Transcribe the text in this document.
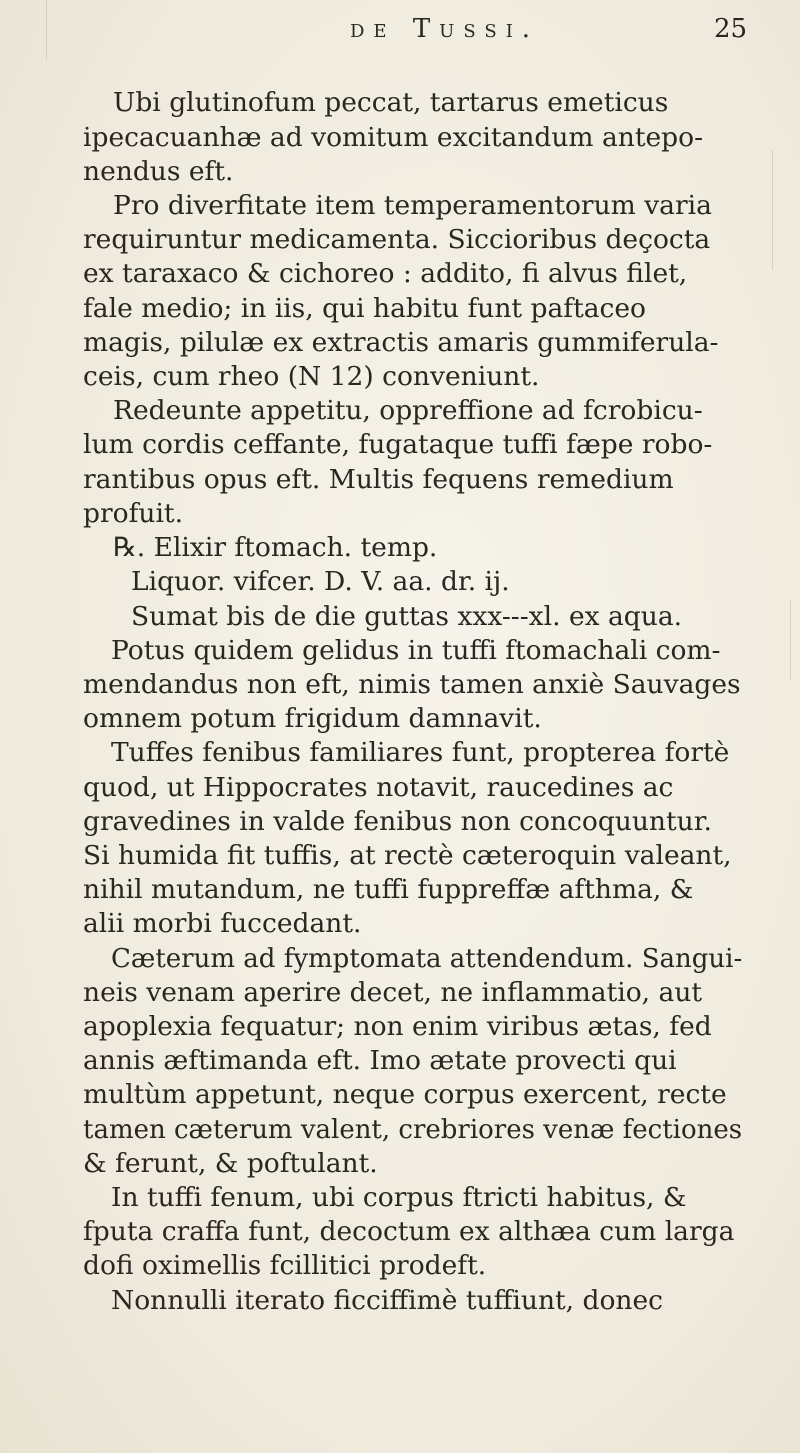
de Tussi.	25
Ubi glutinofum peccat, tartarus emeticus
ipecacuanhæ ad vomitum excitandum antepo-
nendus eft.
Pro diverfitate item temperamentorum varia
requiruntur medicamenta. Siccioribus deçocta
ex taraxaco & cichoreo : addito, fi alvus filet,
fale medio; in iis, qui habitu funt paftaceo
magis, pilulæ ex extractis amaris gummiferula-
ceis, cum rheo (N 12) conveniunt.
Redeunte appetitu, oppreffione ad fcrobicu-
lum cordis ceffante, fugataque tuffi fæpe robo-
rantibus opus eft. Multis fequens remedium
profuit.
℞. Elixir ftomach. temp.
Liquor. vifcer. D. V. aa. dr. ij.
Sumat bis de die guttas xxx---xl. ex aqua.
Potus quidem gelidus in tuffi ftomachali com-
mendandus non eft, nimis tamen anxiè Sauvages
omnem potum frigidum damnavit.
Tuffes fenibus familiares funt, propterea fortè
quod, ut Hippocrates notavit, raucedines ac
gravedines in valde fenibus non concoquuntur.
Si humida fit tuffis, at rectè cæteroquin valeant,
nihil mutandum, ne tuffi fuppreffæ afthma, &
alii morbi fuccedant.
Cæterum ad fymptomata attendendum. Sangui-
neis venam aperire decet, ne inflammatio, aut
apoplexia fequatur; non enim viribus ætas, fed
annis æftimanda eft. Imo ætate provecti qui
multùm appetunt, neque corpus exercent, recte
tamen cæterum valent, crebriores venæ fectiones
& ferunt, & poftulant.
In tuffi fenum, ubi corpus ftricti habitus, &
fputa craffa funt, decoctum ex althæa cum larga
dofi oximellis fcillitici prodeft.
Nonnulli iterato ficciffimè tuffiunt, donec
